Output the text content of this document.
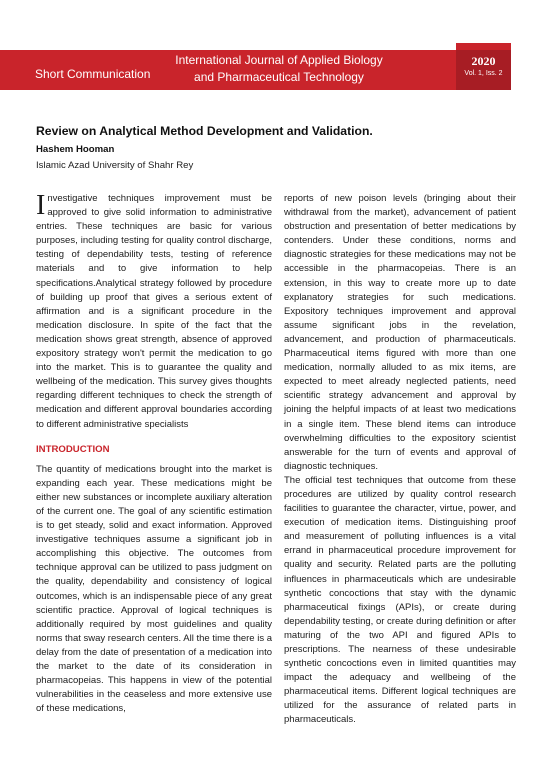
Short Communication
International Journal of Applied Biology
and Pharmaceutical Technology
2020
Vol. 1, Iss. 2
Review on Analytical Method Development and Validation.
Hashem Hooman
Islamic Azad University of Shahr Rey

Investigative techniques improvement must be approved to give solid information to administrative entries. These techniques are basic for various purposes, including testing for quality control discharge, testing of dependability tests, testing of reference materials and to give information to help specifications.Analytical strategy followed by procedure of building up proof that gives a serious extent of affirmation and is a significant procedure in the medication disclosure. In spite of the fact that the medication shows great strength, absence of approved expository strategy won't permit the medication to go into the market. This is to guarantee the quality and wellbeing of the medication. This survey gives thoughts regarding different techniques to check the strength of medication and different approval boundaries according to different administrative specialists

INTRODUCTION

The quantity of medications brought into the market is expanding each year. These medications might be either new substances or incomplete auxiliary alteration of the current one. The goal of any scientific estimation is to get steady, solid and exact information. Approved investigative techniques assume a significant job in accomplishing this objective. The outcomes from technique approval can be utilized to pass judgment on the quality, dependability and consistency of logical outcomes, which is an indispensable piece of any great scientific practice. Approval of logical techniques is additionally required by most guidelines and quality norms that sway research centers. All the time there is a delay from the date of presentation of a medication into the market to the date of its consideration in pharmacopeias. This happens in view of the potential vulnerabilities in the ceaseless and more extensive use of these medications,

reports of new poison levels (bringing about their withdrawal from the market), advancement of patient obstruction and presentation of better medications by contenders. Under these conditions, norms and diagnostic strategies for these medications may not be accessible in the pharmacopeias. There is an extension, in this way to create more up to date explanatory strategies for such medications. Expository techniques improvement and approval assume significant jobs in the revelation, advancement, and production of pharmaceuticals. Pharmaceutical items figured with more than one medication, normally alluded to as mix items, are expected to meet already neglected patients, need scientific strategy advancement and approval by joining the helpful impacts of at least two medications in a single item. These blend items can introduce overwhelming difficulties to the expository scientist answerable for the turn of events and approval of diagnostic techniques.

The official test techniques that outcome from these procedures are utilized by quality control research facilities to guarantee the character, virtue, power, and execution of medication items. Distinguishing proof and measurement of polluting influences is a vital errand in pharmaceutical procedure improvement for quality and security. Related parts are the polluting influences in pharmaceuticals which are undesirable synthetic concoctions that stay with the dynamic pharmaceutical fixings (APIs), or create during dependability testing, or create during definition or after maturing of the two API and figured APIs to prescriptions. The nearness of these undesirable synthetic concoctions even in limited quantities may impact the adequacy and wellbeing of the pharmaceutical items. Different logical techniques are utilized for the assurance of related parts in pharmaceuticals.
